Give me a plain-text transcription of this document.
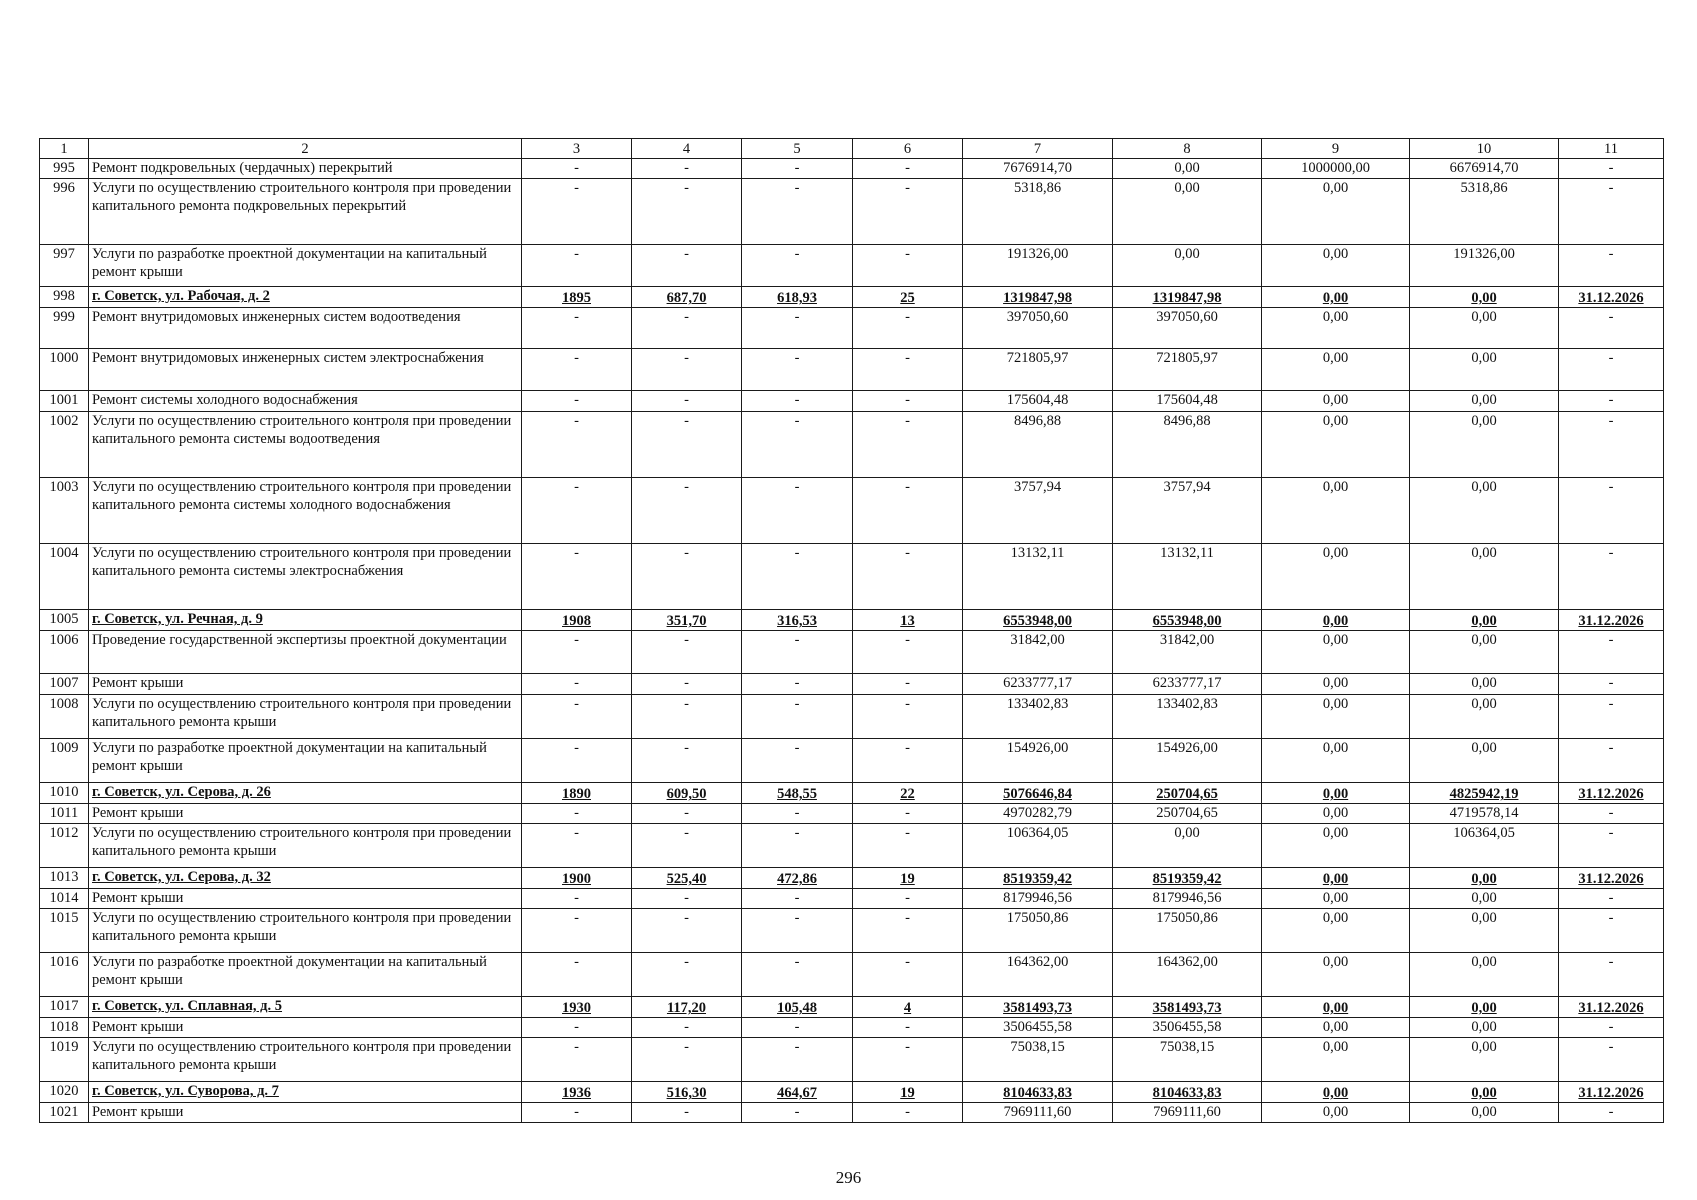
1	2	3	4	5	6	7	8	9	10	11
995	Ремонт подкровельных (чердачных) перекрытий	-	-	-	-	7676914,70	0,00	1000000,00	6676914,70	-
996	Услуги по осуществлению строительного контроля при проведении капитального ремонта подкровельных перекрытий	-	-	-	-	5318,86	0,00	0,00	5318,86	-
997	Услуги по разработке проектной документации на капитальный ремонт крыши	-	-	-	-	191326,00	0,00	0,00	191326,00	-
998	г. Советск, ул. Рабочая, д. 2	1895	687,70	618,93	25	1319847,98	1319847,98	0,00	0,00	31.12.2026
999	Ремонт внутридомовых инженерных систем водоотведения	-	-	-	-	397050,60	397050,60	0,00	0,00	-
1000	Ремонт внутридомовых инженерных систем электроснабжения	-	-	-	-	721805,97	721805,97	0,00	0,00	-
1001	Ремонт системы холодного водоснабжения	-	-	-	-	175604,48	175604,48	0,00	0,00	-
1002	Услуги по осуществлению строительного контроля при проведении капитального ремонта системы водоотведения	-	-	-	-	8496,88	8496,88	0,00	0,00	-
1003	Услуги по осуществлению строительного контроля при проведении капитального ремонта системы холодного водоснабжения	-	-	-	-	3757,94	3757,94	0,00	0,00	-
1004	Услуги по осуществлению строительного контроля при проведении капитального ремонта системы электроснабжения	-	-	-	-	13132,11	13132,11	0,00	0,00	-
1005	г. Советск, ул. Речная, д. 9	1908	351,70	316,53	13	6553948,00	6553948,00	0,00	0,00	31.12.2026
1006	Проведение государственной экспертизы проектной документации	-	-	-	-	31842,00	31842,00	0,00	0,00	-
1007	Ремонт крыши	-	-	-	-	6233777,17	6233777,17	0,00	0,00	-
1008	Услуги по осуществлению строительного контроля при проведении капитального ремонта крыши	-	-	-	-	133402,83	133402,83	0,00	0,00	-
1009	Услуги по разработке проектной документации на капитальный ремонт крыши	-	-	-	-	154926,00	154926,00	0,00	0,00	-
1010	г. Советск, ул. Серова, д. 26	1890	609,50	548,55	22	5076646,84	250704,65	0,00	4825942,19	31.12.2026
1011	Ремонт крыши	-	-	-	-	4970282,79	250704,65	0,00	4719578,14	-
1012	Услуги по осуществлению строительного контроля при проведении капитального ремонта крыши	-	-	-	-	106364,05	0,00	0,00	106364,05	-
1013	г. Советск, ул. Серова, д. 32	1900	525,40	472,86	19	8519359,42	8519359,42	0,00	0,00	31.12.2026
1014	Ремонт крыши	-	-	-	-	8179946,56	8179946,56	0,00	0,00	-
1015	Услуги по осуществлению строительного контроля при проведении капитального ремонта крыши	-	-	-	-	175050,86	175050,86	0,00	0,00	-
1016	Услуги по разработке проектной документации на капитальный ремонт крыши	-	-	-	-	164362,00	164362,00	0,00	0,00	-
1017	г. Советск, ул. Сплавная, д. 5	1930	117,20	105,48	4	3581493,73	3581493,73	0,00	0,00	31.12.2026
1018	Ремонт крыши	-	-	-	-	3506455,58	3506455,58	0,00	0,00	-
1019	Услуги по осуществлению строительного контроля при проведении капитального ремонта крыши	-	-	-	-	75038,15	75038,15	0,00	0,00	-
1020	г. Советск, ул. Суворова, д. 7	1936	516,30	464,67	19	8104633,83	8104633,83	0,00	0,00	31.12.2026
1021	Ремонт крыши	-	-	-	-	7969111,60	7969111,60	0,00	0,00	-
296
